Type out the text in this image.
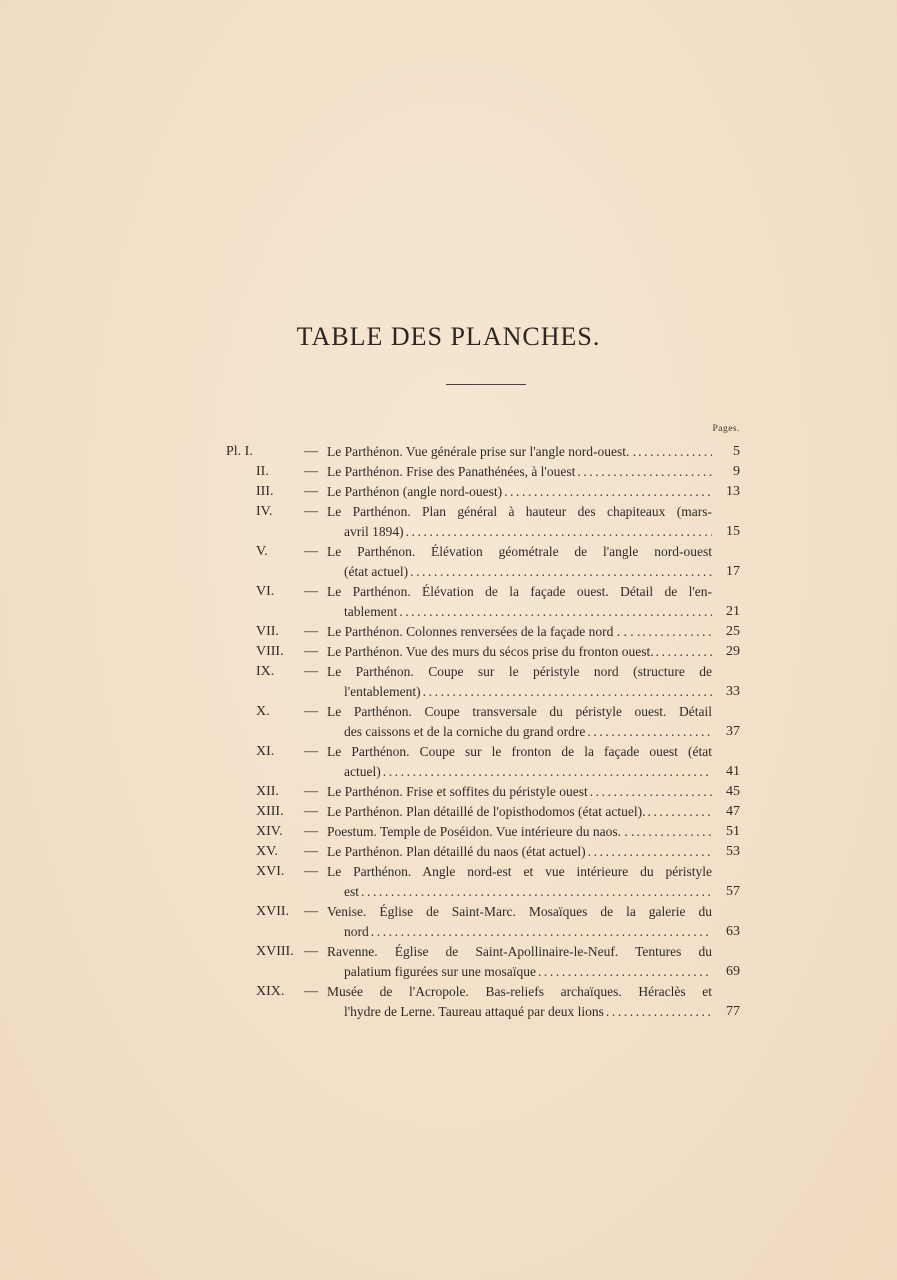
TABLE DES PLANCHES.
Pages.
Pl. I.	— Le Parthénon. Vue générale prise sur l'angle nord-ouest. . .....	5
II.	— Le Parthénon. Frise des Panathénées, à l'ouest .....	9
III.	— Le Parthénon (angle nord-ouest) .....	13
IV.	— Le Parthénon. Plan général à hauteur des chapiteaux (mars-
avril 1894) .....	15
V.	— Le Parthénon. Élévation géométrale de l'angle nord-ouest
(état actuel) .....	17
VI.	— Le Parthénon. Élévation de la façade ouest. Détail de l'en-
tablement .....	21
VII.	— Le Parthénon. Colonnes renversées de la façade nord . . . . .....	25
VIII.	— Le Parthénon. Vue des murs du sécos prise du fronton ouest. .....	29
IX.	— Le Parthénon. Coupe sur le péristyle nord (structure de
l'entablement) .....	33
X.	— Le Parthénon. Coupe transversale du péristyle ouest. Détail
des caissons et de la corniche du grand ordre .....	37
XI.	— Le Parthénon. Coupe sur le fronton de la façade ouest (état
actuel) .....	41
XII.	— Le Parthénon. Frise et soffites du péristyle ouest .....	45
XIII.	— Le Parthénon. Plan détaillé de l'opisthodomos (état actuel). .....	47
XIV.	— Poestum. Temple de Poséidon. Vue intérieure du naos. . . .....	51
XV.	— Le Parthénon. Plan détaillé du naos (état actuel) .....	53
XVI.	— Le Parthénon. Angle nord-est et vue intérieure du péristyle
est .....	57
XVII.	— Venise. Église de Saint-Marc. Mosaïques de la galerie du
nord .....	63
XVIII. — Ravenne. Église de Saint-Apollinaire-le-Neuf. Tentures du
palatium figurées sur une mosaïque .....	69
XIX.	— Musée de l'Acropole. Bas-reliefs archaïques. Héraclès et
l'hydre de Lerne. Taureau attaqué par deux lions .....	77
